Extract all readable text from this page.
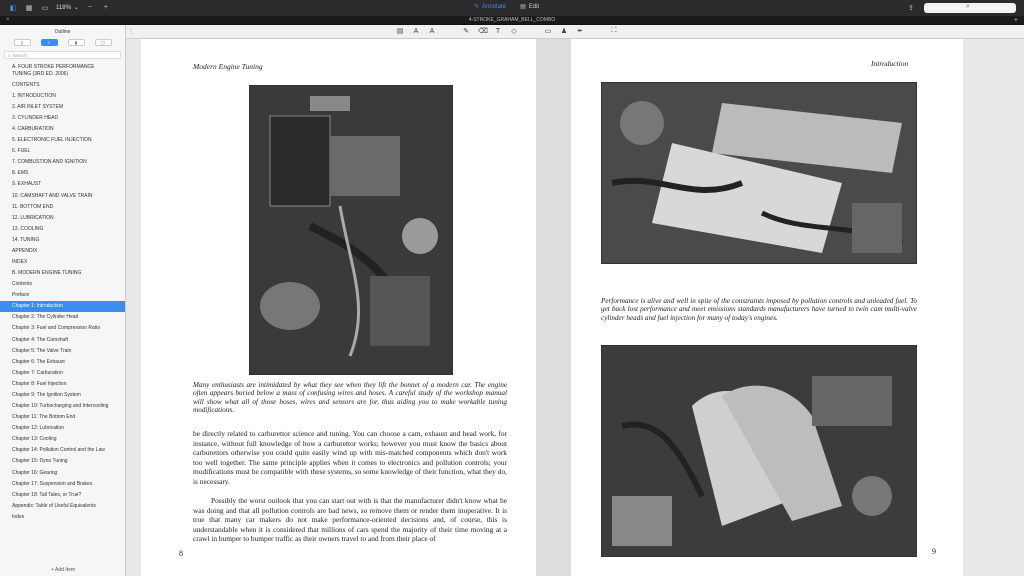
◧ ▦ ▭ 118% ⌄	−	+	✎ Annotate ▤ Edit	⇪	⌕
×	4-STROKE_GRAHAM_BELL_COMBO	+
Outline
▯	≡	▮	▢
⌕ Search
A. FOUR STROKE PERFORMANCE TUNING (3RD ED. 2006)
CONTENTS
1. INTRODUCTION
2. AIR INLET SYSTEM
3. CYLINDER HEAD
4. CARBURATION
5. ELECTRONIC FUEL INJECTION
6. FUEL
7. COMBUSTION AND IGNITION
8. EMS
9. EXHAUST
10. CAMSHAFT AND VALVE TRAIN
11. BOTTOM END
12. LUBRICATION
13. COOLING
14. TUNING
APPENDIX
INDEX
B. MODERN ENGINE TUNING
Contents
Preface
Chapter 1: Introduction
Chapter 2: The Cylinder Head
Chapter 3: Fuel and Compression Ratio
Chapter 4: The Camshaft
Chapter 5: The Valve Train
Chapter 6: The Exhaust
Chapter 7: Carburation
Chapter 8: Fuel Injection
Chapter 9: The Ignition System
Chapter 10: Turbocharging and Intercooling
Chapter 11: The Bottom End
Chapter 12: Lubrication
Chapter 13: Cooling
Chapter 14: Pollution Control and the Law
Chapter 15: Dyno Tuning
Chapter 16: Gearing
Chapter 17: Suspension and Brakes
Chapter 18: Tall Tales, or True?
Appendix: Table of Useful Equivalents
Index
+ Add Item
⋮	▤ A A	✎ ⌫ T ◇	▭ ♟ ✒	⛶
Modern Engine Tuning
Many enthusiasts are intimidated by what they see when they lift the bonnet of a modern car. The engine often appears buried below a mass of confusing wires and hoses. A careful study of the workshop manual will show what all of those hoses, wires and sensors are for, thus aiding you to make workable tuning modifications.
be directly related to carburettor science and tuning. You can choose a cam, exhaust and head work, for instance, without full knowledge of how a carburettor works; however you must know the basics about carburettors otherwise you could quite easily wind up with mis-matched components which don't work too well together. The same principle applies when it comes to electronics and pollution controls; your modifications must be compatible with these systems, so some knowledge of their function, what they do, is necessary.
Possibly the worst outlook that you can start out with is that the manufacturer didn't know what he was doing and that all pollution controls are bad news, so remove them or render them inoperative. It is true that many car makers do not make performance-oriented decisions and, of course, this is understandable when it is considered that millions of cars spend the majority of their time moving at a crawl in bumper to bumper traffic as their owners travel to and from their place of
8
Introduction
Performance is alive and well in spite of the constraints imposed by pollution controls and unleaded fuel. To get back lost performance and meet emissions standards manufacturers have turned to twin cam multi-valve cylinder heads and fuel injection for many of today's engines.
9
